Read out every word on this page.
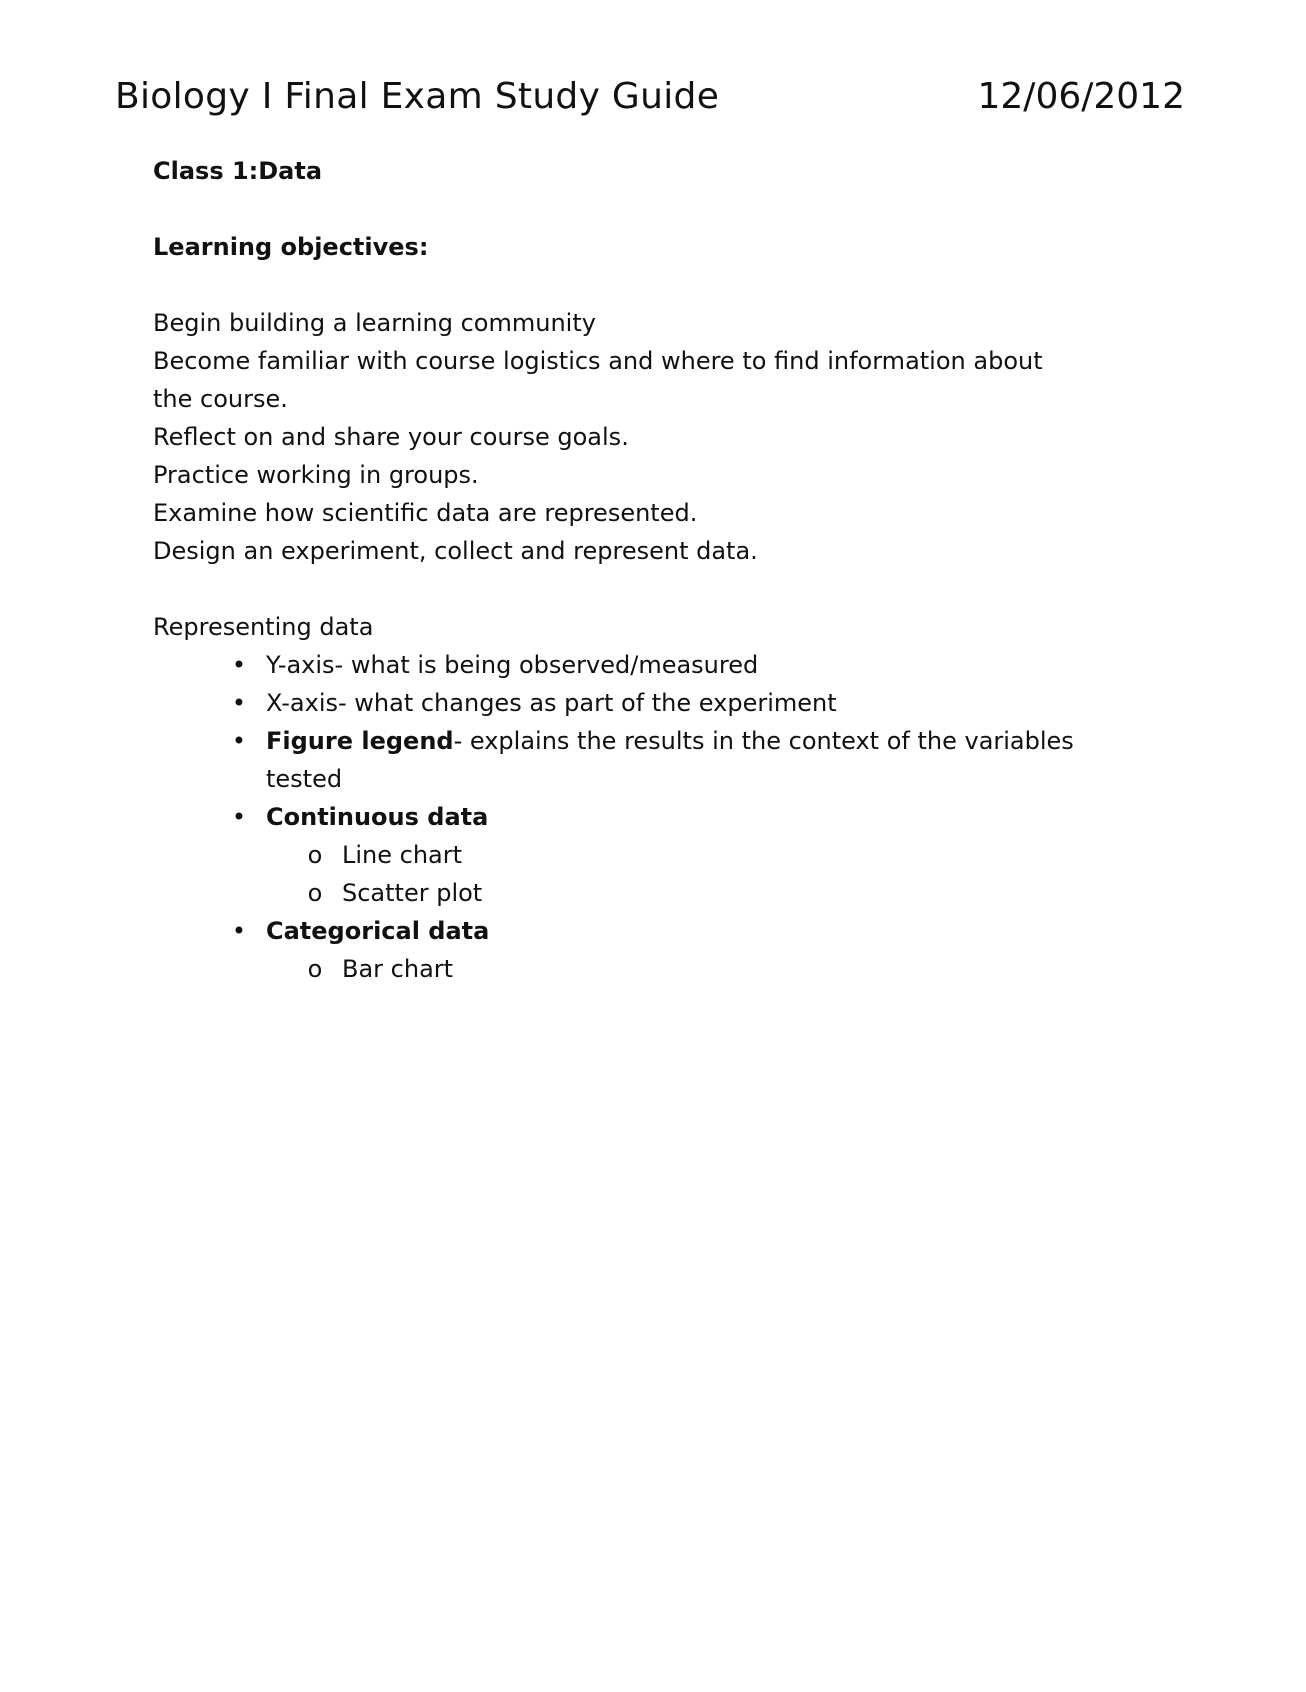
Biology I Final Exam Study Guide	12/06/2012

Class 1:Data

Learning objectives:

Begin building a learning community
Become familiar with course logistics and where to find information about
the course.
Reflect on and share your course goals.
Practice working in groups.
Examine how scientific data are represented.
Design an experiment, collect and represent data.

Representing data

• Y-axis- what is being observed/measured
• X-axis- what changes as part of the experiment
• Figure legend- explains the results in the context of the variables
tested
• Continuous data
o Line chart
o Scatter plot
• Categorical data
o Bar chart
